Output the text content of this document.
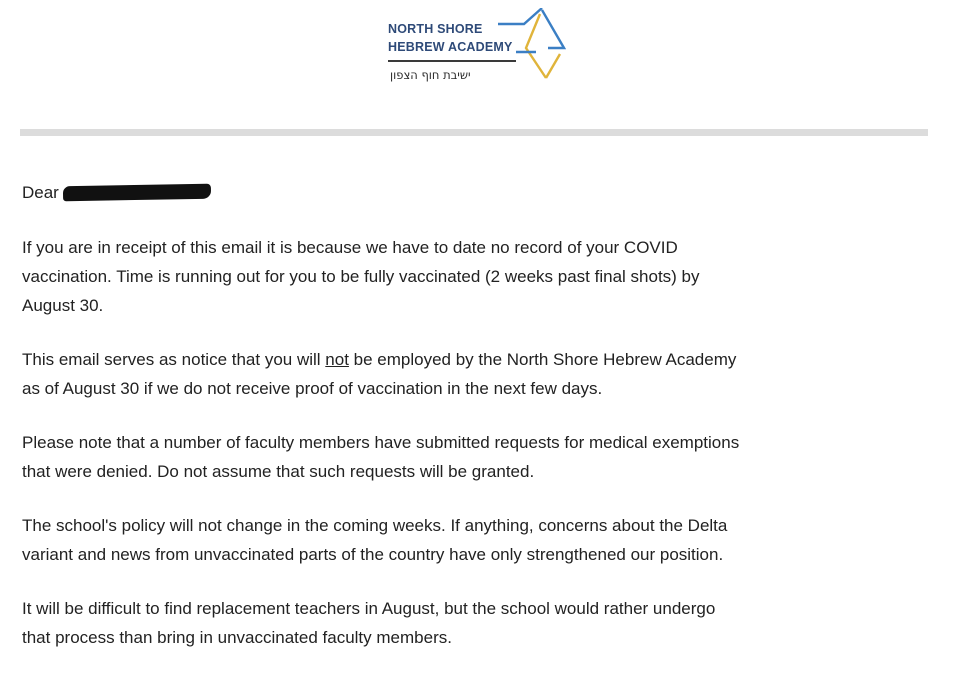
NORTH SHORE
HEBREW ACADEMY
ישיבת חוף הצפון

Dear

If you are in receipt of this email it is because we have to date no record of your COVID
vaccination. Time is running out for you to be fully vaccinated (2 weeks past final shots) by
August 30.

This email serves as notice that you will not be employed by the North Shore Hebrew Academy
as of August 30 if we do not receive proof of vaccination in the next few days.

Please note that a number of faculty members have submitted requests for medical exemptions
that were denied. Do not assume that such requests will be granted.

The school's policy will not change in the coming weeks. If anything, concerns about the Delta
variant and news from unvaccinated parts of the country have only strengthened our position.

It will be difficult to find replacement teachers in August, but the school would rather undergo
that process than bring in unvaccinated faculty members.
